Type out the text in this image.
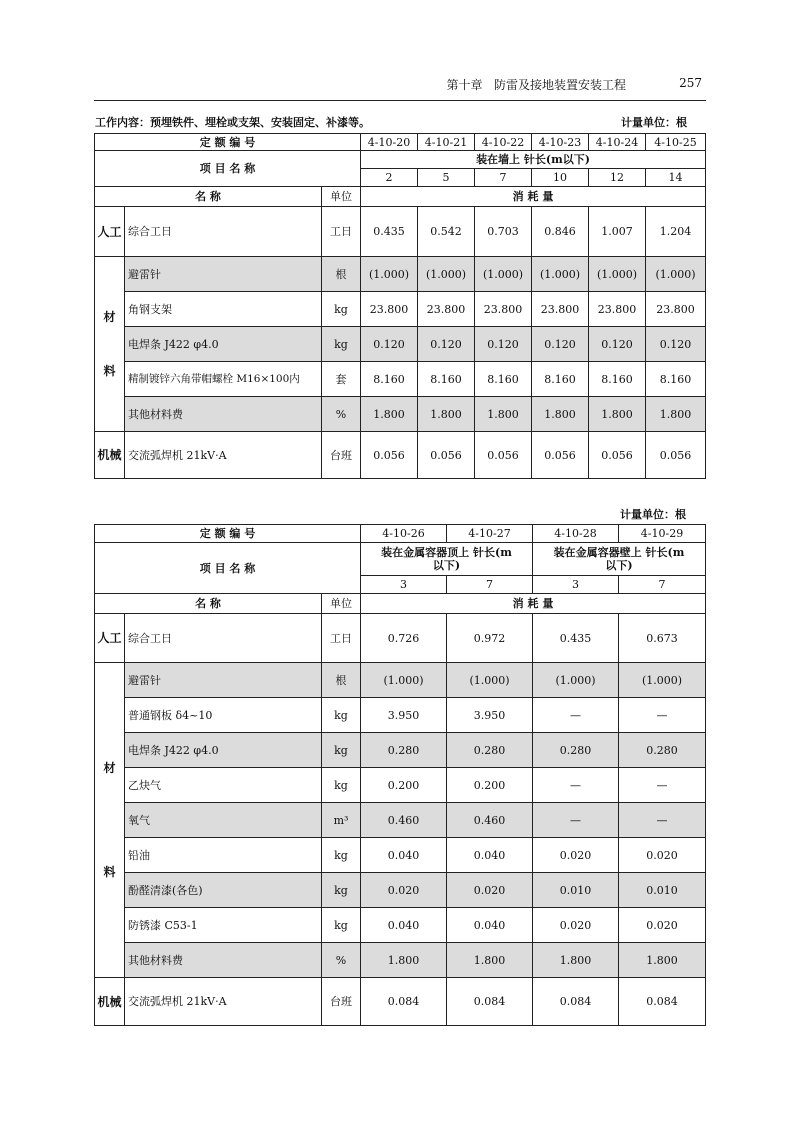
第十章 防雷及接地装置安装工程	257
工作内容：预埋铁件、埋栓或支架、安装固定、补漆等。	计量单位：根
定 额 编 号			4-10-20	4-10-21	4-10-22	4-10-23	4-10-24	4-10-25
项 目 名 称			装在墙上 针长(m以下)					
			2	5	7	10	12	14
名 称		单位	消 耗 量					
人工	综合工日	工日	0.435	0.542	0.703	0.846	1.007	1.204

材
料	避雷针	根	(1.000)	(1.000)	(1.000)	(1.000)	(1.000)	(1.000)
	角钢支架	kg	23.800	23.800	23.800	23.800	23.800	23.800
	电焊条 J422 φ4.0	kg	0.120	0.120	0.120	0.120	0.120	0.120
	精制镀锌六角带帽螺栓 M16×100内	套	8.160	8.160	8.160	8.160	8.160	8.160
	其他材料费	%	1.800	1.800	1.800	1.800	1.800	1.800
机械	交流弧焊机 21kV·A	台班	0.056	0.056	0.056	0.056	0.056	0.056
计量单位：根
定 额 编 号			4-10-26	4-10-27	4-10-28	4-10-29
项 目 名 称			装在金属容器顶上 针长(m以下)		装在金属容器壁上 针长(m以下)	
			3	7	3	7
名 称		单位	消 耗 量			
人工	综合工日	工日	0.726	0.972	0.435	0.673

材
料	避雷针	根	(1.000)	(1.000)	(1.000)	(1.000)
	普通钢板 δ4~10	kg	3.950	3.950	—	—
	电焊条 J422 φ4.0	kg	0.280	0.280	0.280	0.280
	乙炔气	kg	0.200	0.200	—	—
	氧气	m³	0.460	0.460	—	—
	铅油	kg	0.040	0.040	0.020	0.020
	酚醛清漆(各色)	kg	0.020	0.020	0.010	0.010
	防锈漆 C53-1	kg	0.040	0.040	0.020	0.020
	其他材料费	%	1.800	1.800	1.800	1.800
机械	交流弧焊机 21kV·A	台班	0.084	0.084	0.084	0.084
